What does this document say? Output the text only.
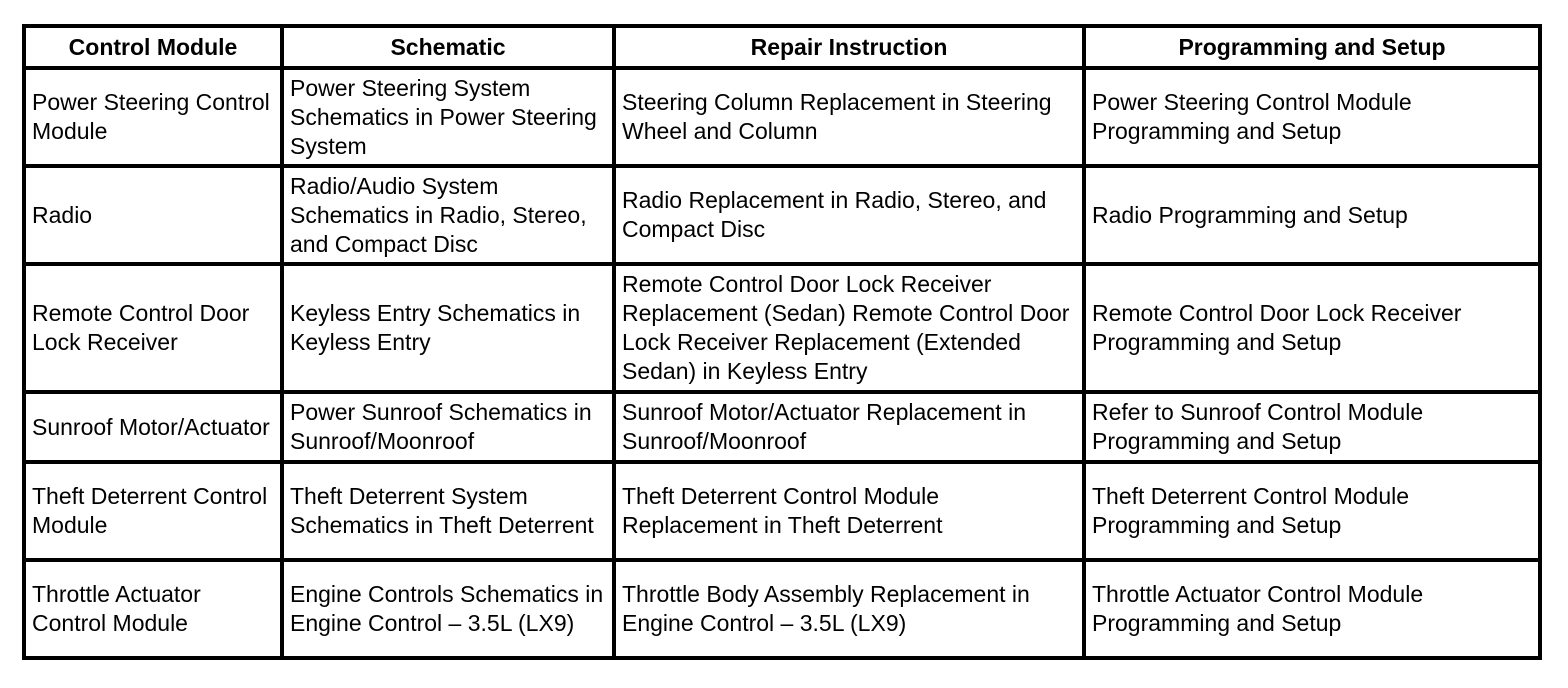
Control Module	Schematic	Repair Instruction	Programming and Setup
Power Steering Control Module	Power Steering System Schematics in Power Steering System	Steering Column Replacement in Steering Wheel and Column	Power Steering Control Module Programming and Setup
Radio	Radio/Audio System Schematics in Radio, Stereo, and Compact Disc	Radio Replacement in Radio, Stereo, and Compact Disc	Radio Programming and Setup
Remote Control Door Lock Receiver	Keyless Entry Schematics in Keyless Entry	Remote Control Door Lock Receiver Replacement (Sedan) Remote Control Door Lock Receiver Replacement (Extended Sedan) in Keyless Entry	Remote Control Door Lock Receiver Programming and Setup
Sunroof Motor/Actuator	Power Sunroof Schematics in Sunroof/Moonroof	Sunroof Motor/Actuator Replacement in Sunroof/Moonroof	Refer to Sunroof Control Module Programming and Setup
Theft Deterrent Control Module	Theft Deterrent System Schematics in Theft Deterrent	Theft Deterrent Control Module Replacement in Theft Deterrent	Theft Deterrent Control Module Programming and Setup
Throttle Actuator Control Module	Engine Controls Schematics in Engine Control – 3.5L (LX9)	Throttle Body Assembly Replacement in Engine Control – 3.5L (LX9)	Throttle Actuator Control Module Programming and Setup
